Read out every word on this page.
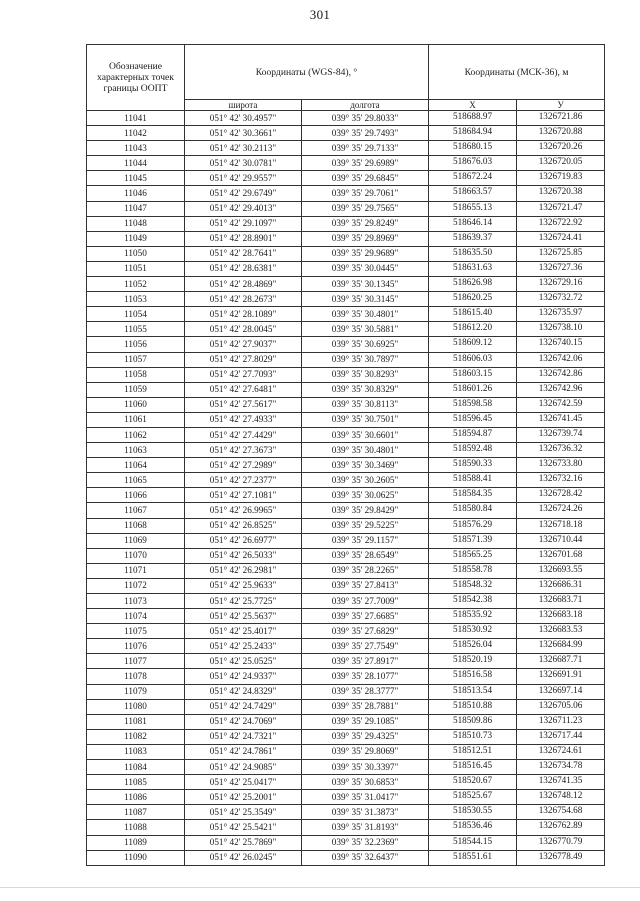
301
Обозначение характерных точек границы ООПТ	Координаты (WGS-84), °		Координаты (МСК-36), м	
	широта	долгота	X	У
11041	051° 42' 30.4957"	039° 35' 29.8033"	518688.97	1326721.86
11042	051° 42' 30.3661"	039° 35' 29.7493"	518684.94	1326720.88
11043	051° 42' 30.2113"	039° 35' 29.7133"	518680.15	1326720.26
11044	051° 42' 30.0781"	039° 35' 29.6989"	518676.03	1326720.05
11045	051° 42' 29.9557"	039° 35' 29.6845"	518672.24	1326719.83
11046	051° 42' 29.6749"	039° 35' 29.7061"	518663.57	1326720.38
11047	051° 42' 29.4013"	039° 35' 29.7565"	518655.13	1326721.47
11048	051° 42' 29.1097"	039° 35' 29.8249"	518646.14	1326722.92
11049	051° 42' 28.8901"	039° 35' 29.8969"	518639.37	1326724.41
11050	051° 42' 28.7641"	039° 35' 29.9689"	518635.50	1326725.85
11051	051° 42' 28.6381"	039° 35' 30.0445"	518631.63	1326727.36
11052	051° 42' 28.4869"	039° 35' 30.1345"	518626.98	1326729.16
11053	051° 42' 28.2673"	039° 35' 30.3145"	518620.25	1326732.72
11054	051° 42' 28.1089"	039° 35' 30.4801"	518615.40	1326735.97
11055	051° 42' 28.0045"	039° 35' 30.5881"	518612.20	1326738.10
11056	051° 42' 27.9037"	039° 35' 30.6925"	518609.12	1326740.15
11057	051° 42' 27.8029"	039° 35' 30.7897"	518606.03	1326742.06
11058	051° 42' 27.7093"	039° 35' 30.8293"	518603.15	1326742.86
11059	051° 42' 27.6481"	039° 35' 30.8329"	518601.26	1326742.96
11060	051° 42' 27.5617"	039° 35' 30.8113"	518598.58	1326742.59
11061	051° 42' 27.4933"	039° 35' 30.7501"	518596.45	1326741.45
11062	051° 42' 27.4429"	039° 35' 30.6601"	518594.87	1326739.74
11063	051° 42' 27.3673"	039° 35' 30.4801"	518592.48	1326736.32
11064	051° 42' 27.2989"	039° 35' 30.3469"	518590.33	1326733.80
11065	051° 42' 27.2377"	039° 35' 30.2605"	518588.41	1326732.16
11066	051° 42' 27.1081"	039° 35' 30.0625"	518584.35	1326728.42
11067	051° 42' 26.9965"	039° 35' 29.8429"	518580.84	1326724.26
11068	051° 42' 26.8525"	039° 35' 29.5225"	518576.29	1326718.18
11069	051° 42' 26.6977"	039° 35' 29.1157"	518571.39	1326710.44
11070	051° 42' 26.5033"	039° 35' 28.6549"	518565.25	1326701.68
11071	051° 42' 26.2981"	039° 35' 28.2265"	518558.78	1326693.55
11072	051° 42' 25.9633"	039° 35' 27.8413"	518548.32	1326686.31
11073	051° 42' 25.7725"	039° 35' 27.7009"	518542.38	1326683.71
11074	051° 42' 25.5637"	039° 35' 27.6685"	518535.92	1326683.18
11075	051° 42' 25.4017"	039° 35' 27.6829"	518530.92	1326683.53
11076	051° 42' 25.2433"	039° 35' 27.7549"	518526.04	1326684.99
11077	051° 42' 25.0525"	039° 35' 27.8917"	518520.19	1326687.71
11078	051° 42' 24.9337"	039° 35' 28.1077"	518516.58	1326691.91
11079	051° 42' 24.8329"	039° 35' 28.3777"	518513.54	1326697.14
11080	051° 42' 24.7429"	039° 35' 28.7881"	518510.88	1326705.06
11081	051° 42' 24.7069"	039° 35' 29.1085"	518509.86	1326711.23
11082	051° 42' 24.7321"	039° 35' 29.4325"	518510.73	1326717.44
11083	051° 42' 24.7861"	039° 35' 29.8069"	518512.51	1326724.61
11084	051° 42' 24.9085"	039° 35' 30.3397"	518516.45	1326734.78
11085	051° 42' 25.0417"	039° 35' 30.6853"	518520.67	1326741.35
11086	051° 42' 25.2001"	039° 35' 31.0417"	518525.67	1326748.12
11087	051° 42' 25.3549"	039° 35' 31.3873"	518530.55	1326754.68
11088	051° 42' 25.5421"	039° 35' 31.8193"	518536.46	1326762.89
11089	051° 42' 25.7869"	039° 35' 32.2369"	518544.15	1326770.79
11090	051° 42' 26.0245"	039° 35' 32.6437"	518551.61	1326778.49
